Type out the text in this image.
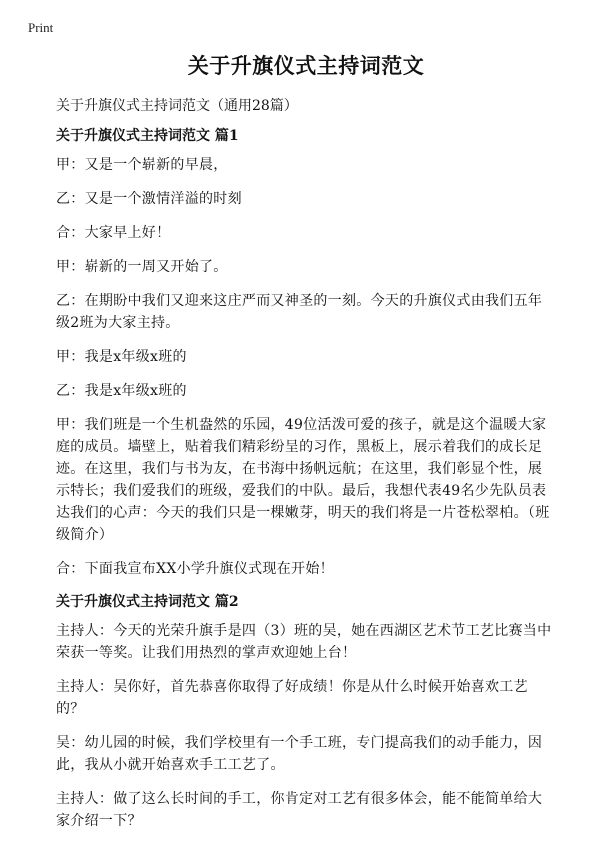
Print
关于升旗仪式主持词范文

关于升旗仪式主持词范文（通用28篇）

关于升旗仪式主持词范文 篇1

甲：又是一个崭新的早晨，

乙：又是一个激情洋溢的时刻

合：大家早上好！

甲：崭新的一周又开始了。

乙：在期盼中我们又迎来这庄严而又神圣的一刻。今天的升旗仪式由我们五年级2班为大家主持。

甲：我是x年级x班的

乙：我是x年级x班的

甲：我们班是一个生机盎然的乐园，49位活泼可爱的孩子，就是这个温暖大家庭的成员。墙壁上，贴着我们精彩纷呈的习作，黑板上，展示着我们的成长足迹。在这里，我们与书为友，在书海中扬帆远航；在这里，我们彰显个性，展示特长；我们爱我们的班级，爱我们的中队。最后，我想代表49名少先队员表达我们的心声：今天的我们只是一棵嫩芽，明天的我们将是一片苍松翠柏。（班级简介）

合：下面我宣布XX小学升旗仪式现在开始！

关于升旗仪式主持词范文 篇2

主持人：今天的光荣升旗手是四（3）班的吴，她在西湖区艺术节工艺比赛当中荣获一等奖。让我们用热烈的掌声欢迎她上台！

主持人：吴你好，首先恭喜你取得了好成绩！你是从什么时候开始喜欢工艺的？

吴：幼儿园的时候，我们学校里有一个手工班，专门提高我们的动手能力，因此，我从小就开始喜欢手工工艺了。

主持人：做了这么长时间的手工，你肯定对工艺有很多体会，能不能简单给大家介绍一下？
